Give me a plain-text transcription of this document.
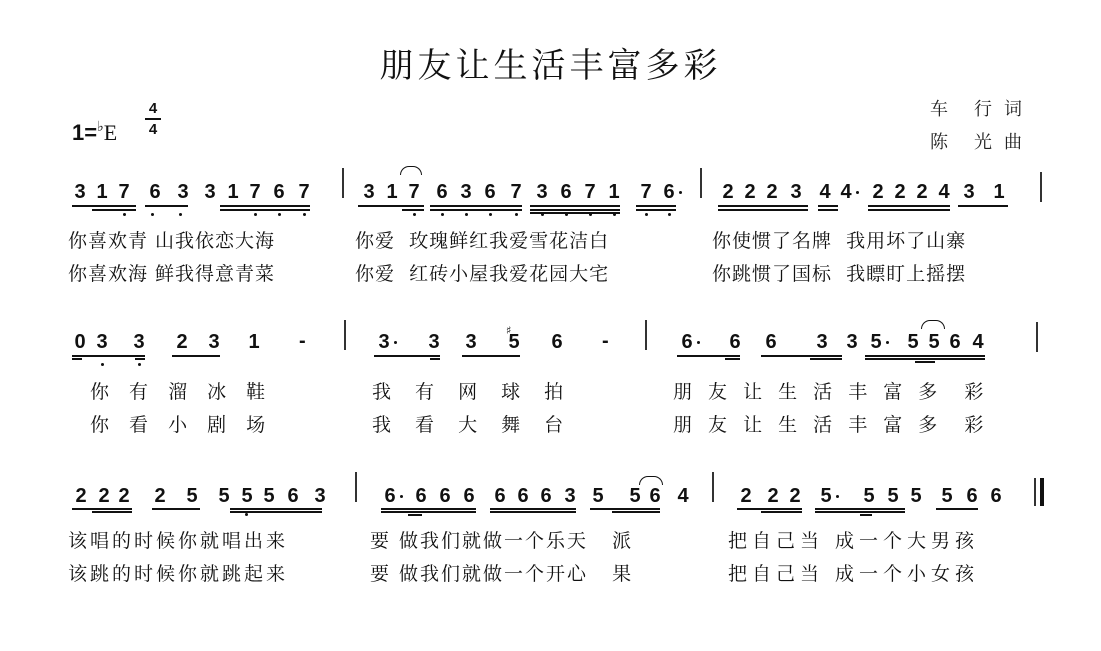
朋友让生活丰富多彩
1=♭E
4
4
车 行 词
陈 光 曲
3 1 7 6 3 3 1 7 6 7	3 1 7 6 3 6 7 3 6 7 1 7 6 2 2 2 3 4 4 2 2 2 4 3 1
0 3 3 2 3 1 -	3 3 3
♯
5 6 -	6 6 6 3 3 5 5 5 6 4
2 2 2 2 5 5 5 5 6 3	6 6 6 6 6 6 6 3 5 5 6 4	2 2 2 5 5 5 5 5 6 6
你喜欢青 山我依恋大海	你爱  玫瑰鲜红我爱雪花洁白	你使惯了名牌  我用坏了山寨
你喜欢海 鲜我得意青菜	你爱  红砖小屋我爱花园大宅	你跳惯了国标  我瞟盯上摇摆
你 有 溜 冰 鞋	我 有 网 球 拍	朋 友 让 生 活 丰 富 多  彩
你 看 小 剧 场	我 看 大 舞 台	朋 友 让 生 活 丰 富 多  彩
该唱的时候你就唱出来	要 做我们就做一个乐天   派	把自己当 成一个大男孩
该跳的时候你就跳起来	要 做我们就做一个开心   果	把自己当 成一个小女孩
